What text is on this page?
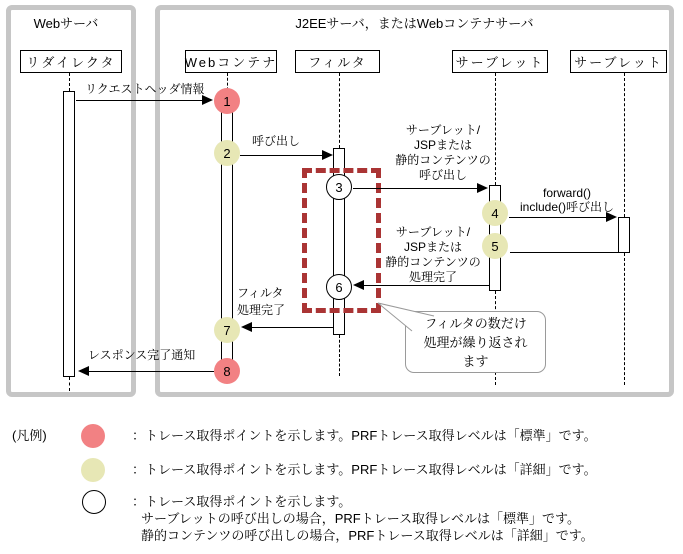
Webサーバ	J2EEサーバ，またはWebコンテナサーバ
リダイレクタ	Webコンテナ	フィルタ	サーブレット	サーブレット
リクエストヘッダ情報
呼び出し
サーブレット/
JSPまたは
静的コンテンツの
呼び出し
forward()
include()呼び出し
サーブレット/
JSPまたは
静的コンテンツの
処理完了
フィルタ
処理完了
レスポンス完了通知
1
2
3
4
5
6
7
8
フィルタの数だけ
処理が繰り返され
ます
(凡例)	：トレース取得ポイントを示します。PRFトレース取得レベルは「標準」です。
：トレース取得ポイントを示します。PRFトレース取得レベルは「詳細」です。
：トレース取得ポイントを示します。
サーブレットの呼び出しの場合，PRFトレース取得レベルは「標準」です。
静的コンテンツの呼び出しの場合，PRFトレース取得レベルは「詳細」です。
